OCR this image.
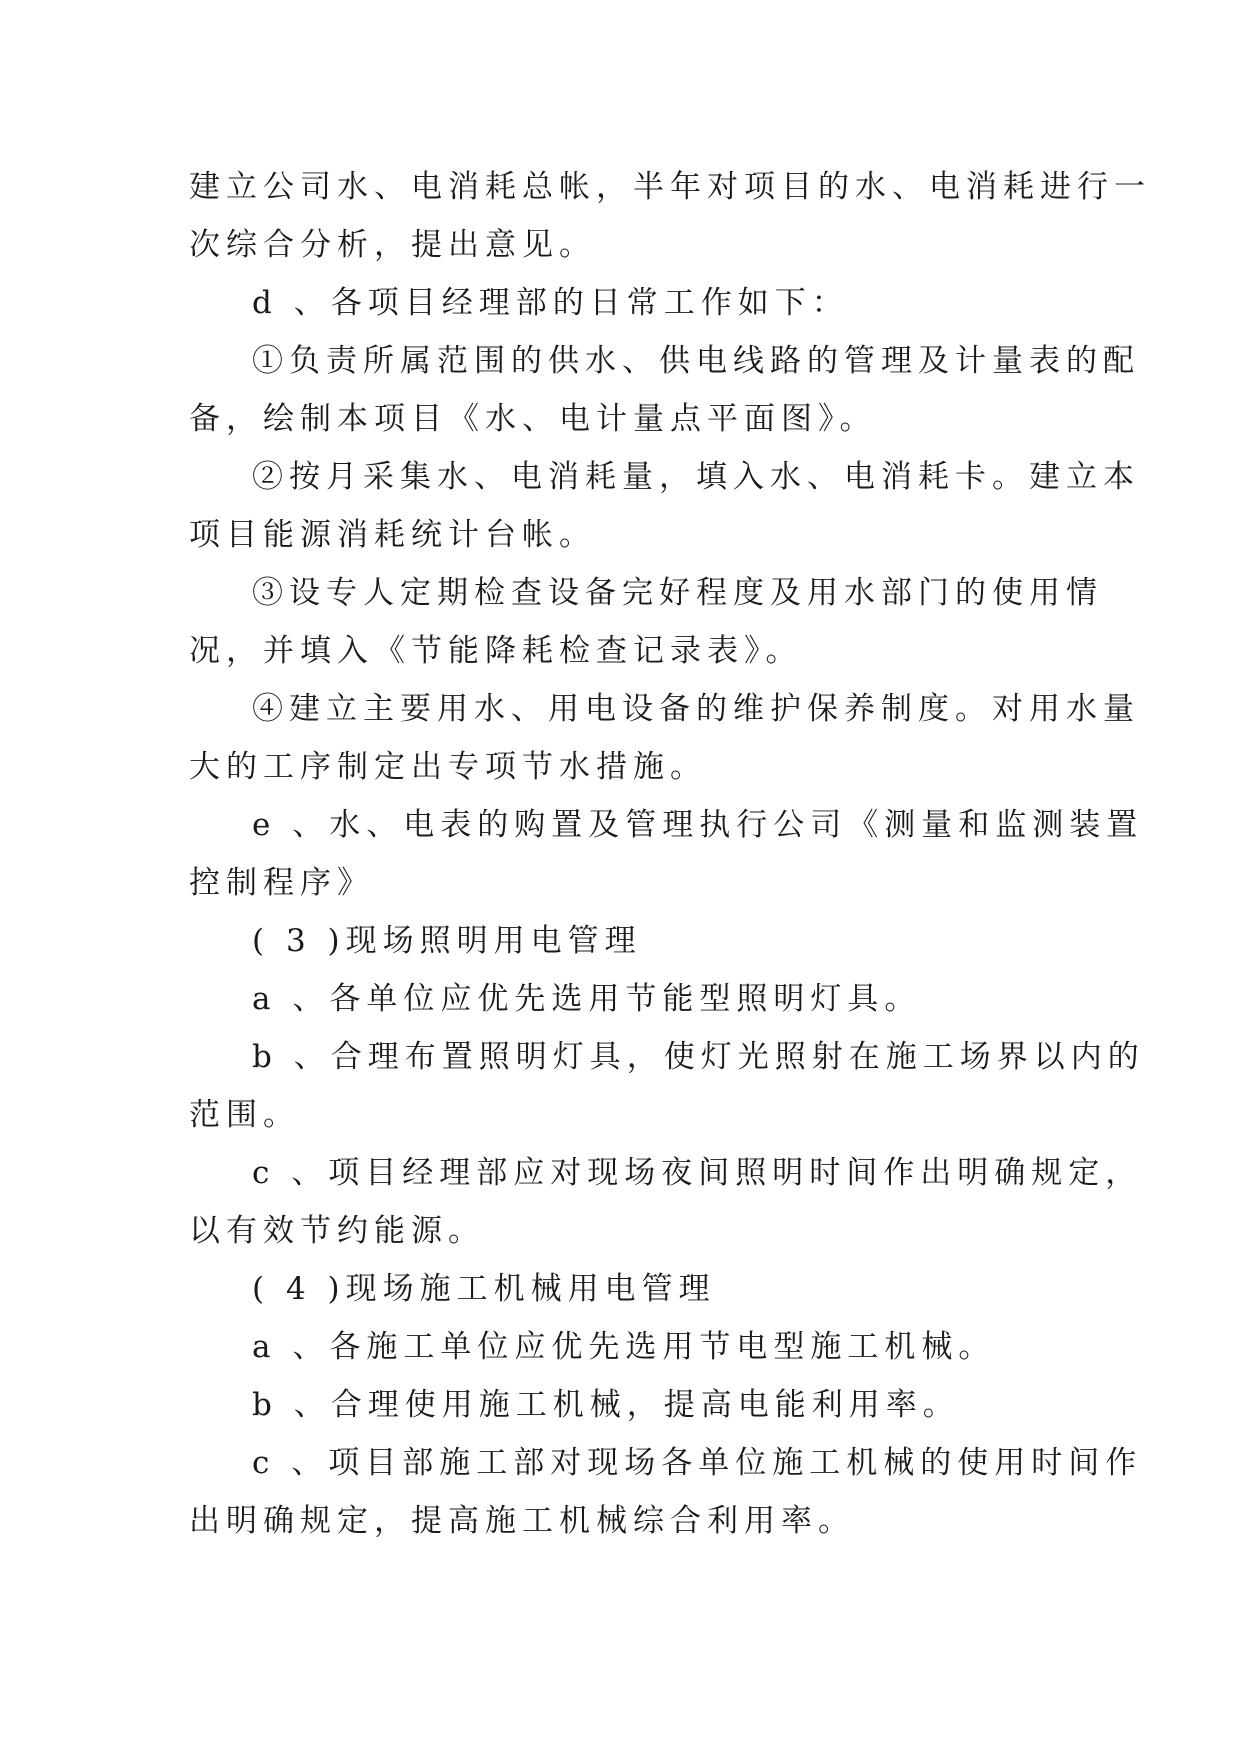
建立公司水、电消耗总帐，半年对项目的水、电消耗进行一
次综合分析，提出意见。
d 、各项目经理部的日常工作如下：
①负责所属范围的供水、供电线路的管理及计量表的配
备，绘制本项目《水、电计量点平面图》。
②按月采集水、电消耗量，填入水、电消耗卡。建立本
项目能源消耗统计台帐。
③设专人定期检查设备完好程度及用水部门的使用情
况，并填入《节能降耗检查记录表》。
④建立主要用水、用电设备的维护保养制度。对用水量
大的工序制定出专项节水措施。
e 、水、电表的购置及管理执行公司《测量和监测装置
控制程序》
( 3 )现场照明用电管理
a 、各单位应优先选用节能型照明灯具。
b 、合理布置照明灯具，使灯光照射在施工场界以内的
范围。
c 、项目经理部应对现场夜间照明时间作出明确规定，
以有效节约能源。
( 4 )现场施工机械用电管理
a 、各施工单位应优先选用节电型施工机械。
b 、合理使用施工机械，提高电能利用率。
c 、项目部施工部对现场各单位施工机械的使用时间作
出明确规定，提高施工机械综合利用率。
